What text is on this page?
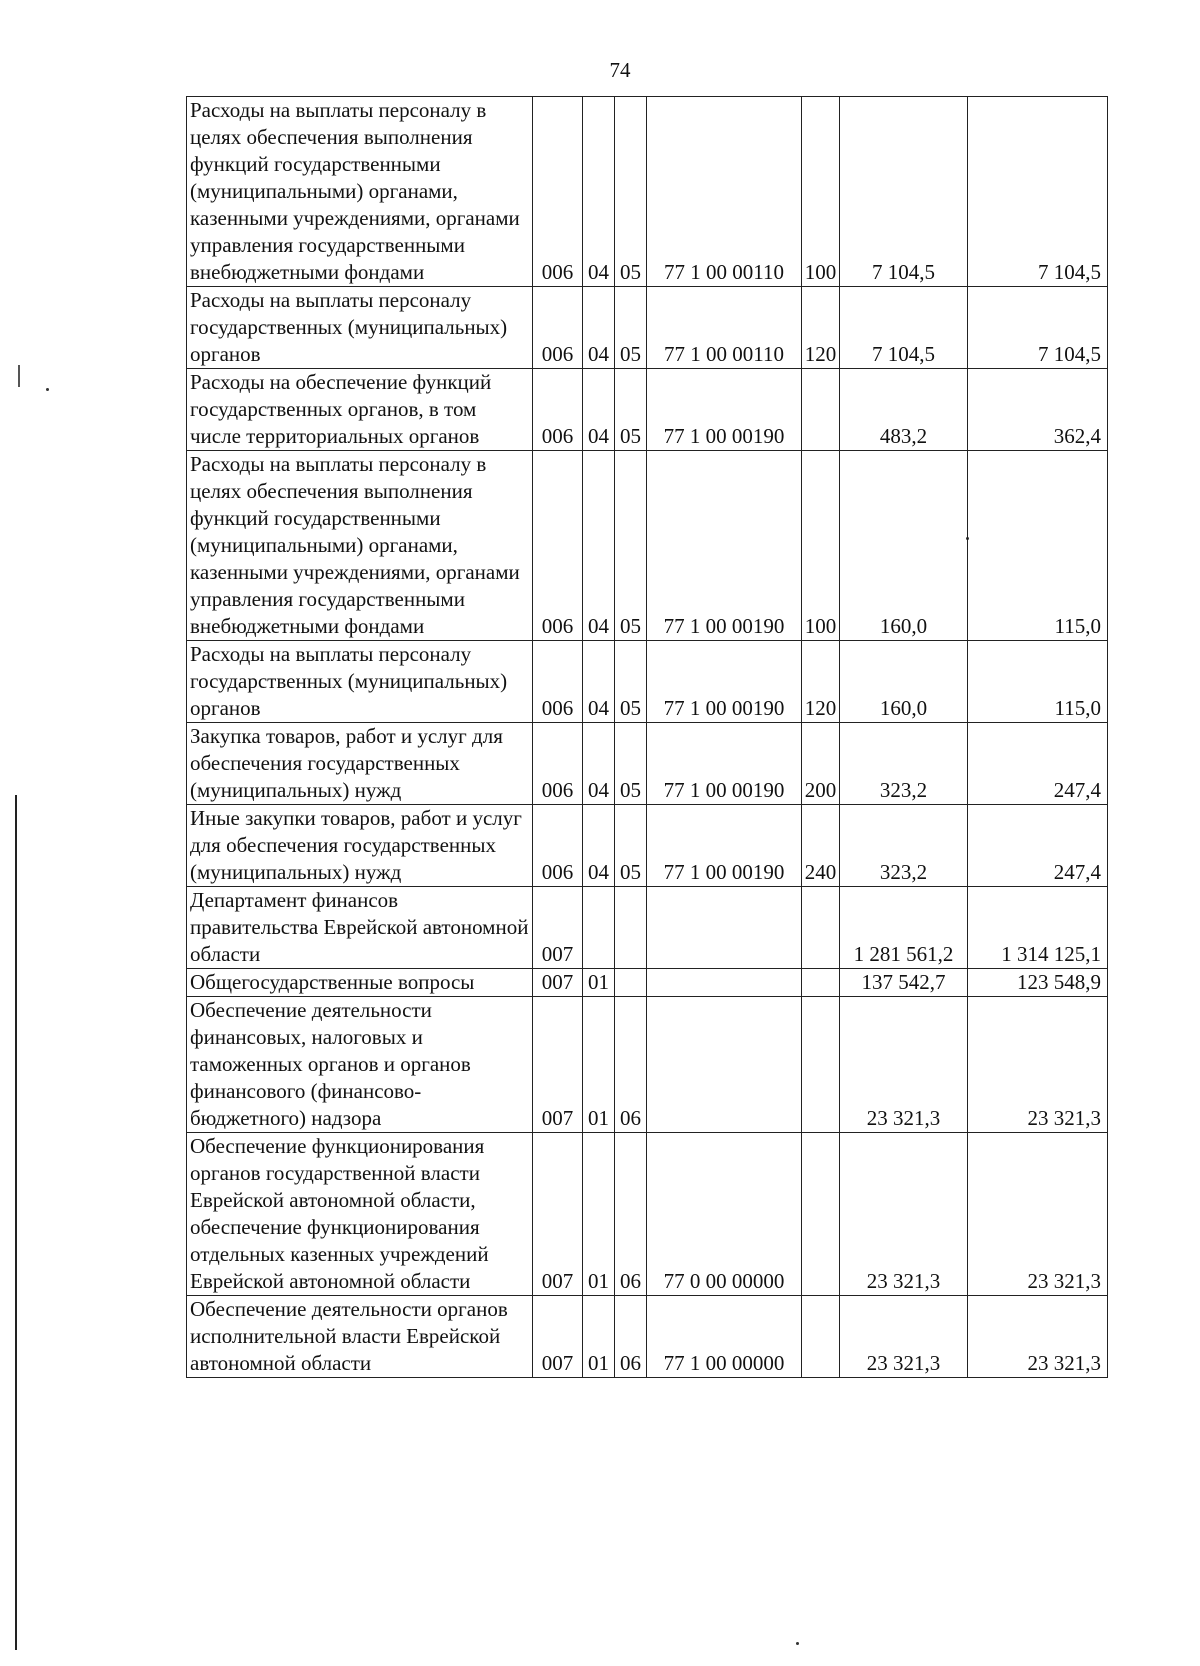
74
Расходы на выплаты персоналу в целях обеспечения выполнения функций государственными (муниципальными) органами, казенными учреждениями, органами управления государственными внебюджетными фондами	006	04	05	77 1 00 00110	100	7 104,5	7 104,5
Расходы на выплаты персоналу государственных (муниципальных) органов	006	04	05	77 1 00 00110	120	7 104,5	7 104,5
Расходы на обеспечение функций государственных органов, в том числе территориальных органов	006	04	05	77 1 00 00190		483,2	362,4
Расходы на выплаты персоналу в целях обеспечения выполнения функций государственными (муниципальными) органами, казенными учреждениями, органами управления государственными внебюджетными фондами	006	04	05	77 1 00 00190	100	160,0	115,0
Расходы на выплаты персоналу государственных (муниципальных) органов	006	04	05	77 1 00 00190	120	160,0	115,0
Закупка товаров, работ и услуг для обеспечения государственных (муниципальных) нужд	006	04	05	77 1 00 00190	200	323,2	247,4
Иные закупки товаров, работ и услуг для обеспечения государственных (муниципальных) нужд	006	04	05	77 1 00 00190	240	323,2	247,4
Департамент финансов правительства Еврейской автономной области	007					1 281 561,2	1 314 125,1
Общегосударственные вопросы	007	01				137 542,7	123 548,9
Обеспечение деятельности финансовых, налоговых и таможенных органов и органов финансового (финансово-бюджетного) надзора	007	01	06			23 321,3	23 321,3
Обеспечение функционирования органов государственной власти Еврейской автономной области, обеспечение функционирования отдельных казенных учреждений Еврейской автономной области	007	01	06	77 0 00 00000		23 321,3	23 321,3
Обеспечение деятельности органов исполнительной власти Еврейской автономной области	007	01	06	77 1 00 00000		23 321,3	23 321,3
